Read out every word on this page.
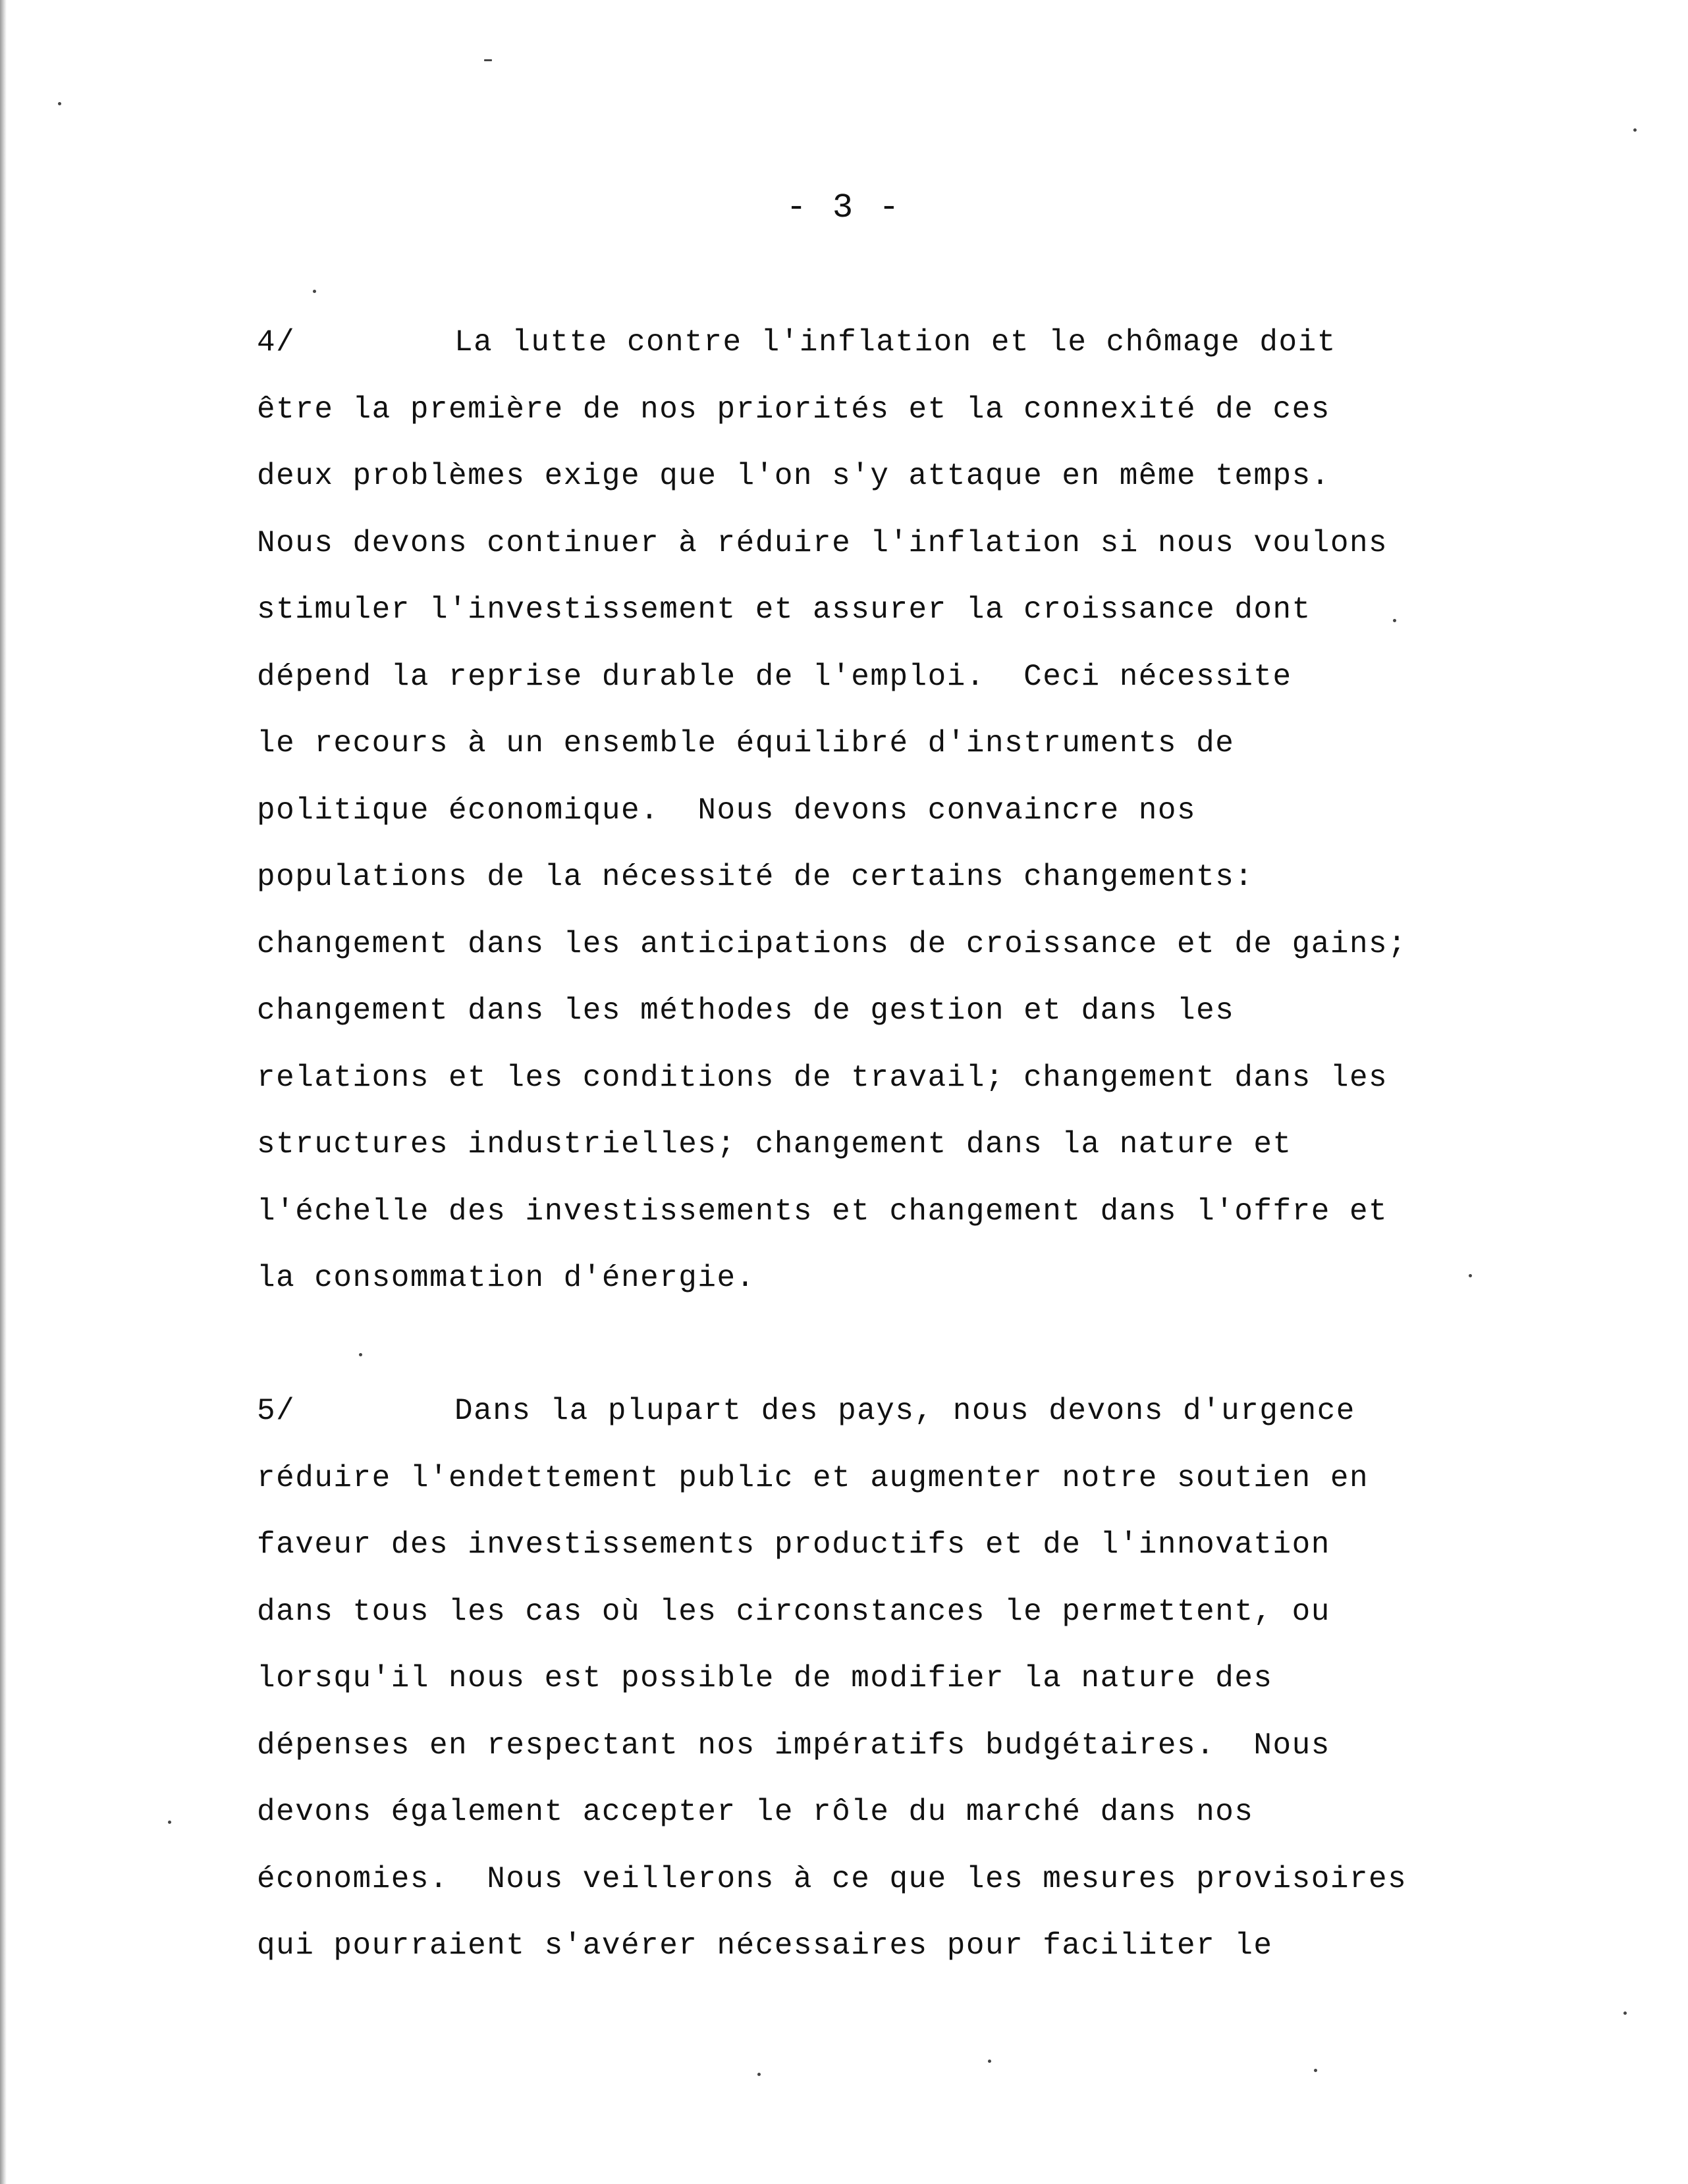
- 3 -
4/	La lutte contre l'inflation et le chômage doit
être la première de nos priorités et la connexité de ces
deux problèmes exige que l'on s'y attaque en même temps.
Nous devons continuer à réduire l'inflation si nous voulons
stimuler l'investissement et assurer la croissance dont
dépend la reprise durable de l'emploi.  Ceci nécessite
le recours à un ensemble équilibré d'instruments de
politique économique.  Nous devons convaincre nos
populations de la nécessité de certains changements:
changement dans les anticipations de croissance et de gains;
changement dans les méthodes de gestion et dans les
relations et les conditions de travail; changement dans les
structures industrielles; changement dans la nature et
l'échelle des investissements et changement dans l'offre et
la consommation d'énergie.
5/	Dans la plupart des pays, nous devons d'urgence
réduire l'endettement public et augmenter notre soutien en
faveur des investissements productifs et de l'innovation
dans tous les cas où les circonstances le permettent, ou
lorsqu'il nous est possible de modifier la nature des
dépenses en respectant nos impératifs budgétaires.  Nous
devons également accepter le rôle du marché dans nos
économies.  Nous veillerons à ce que les mesures provisoires
qui pourraient s'avérer nécessaires pour faciliter le
